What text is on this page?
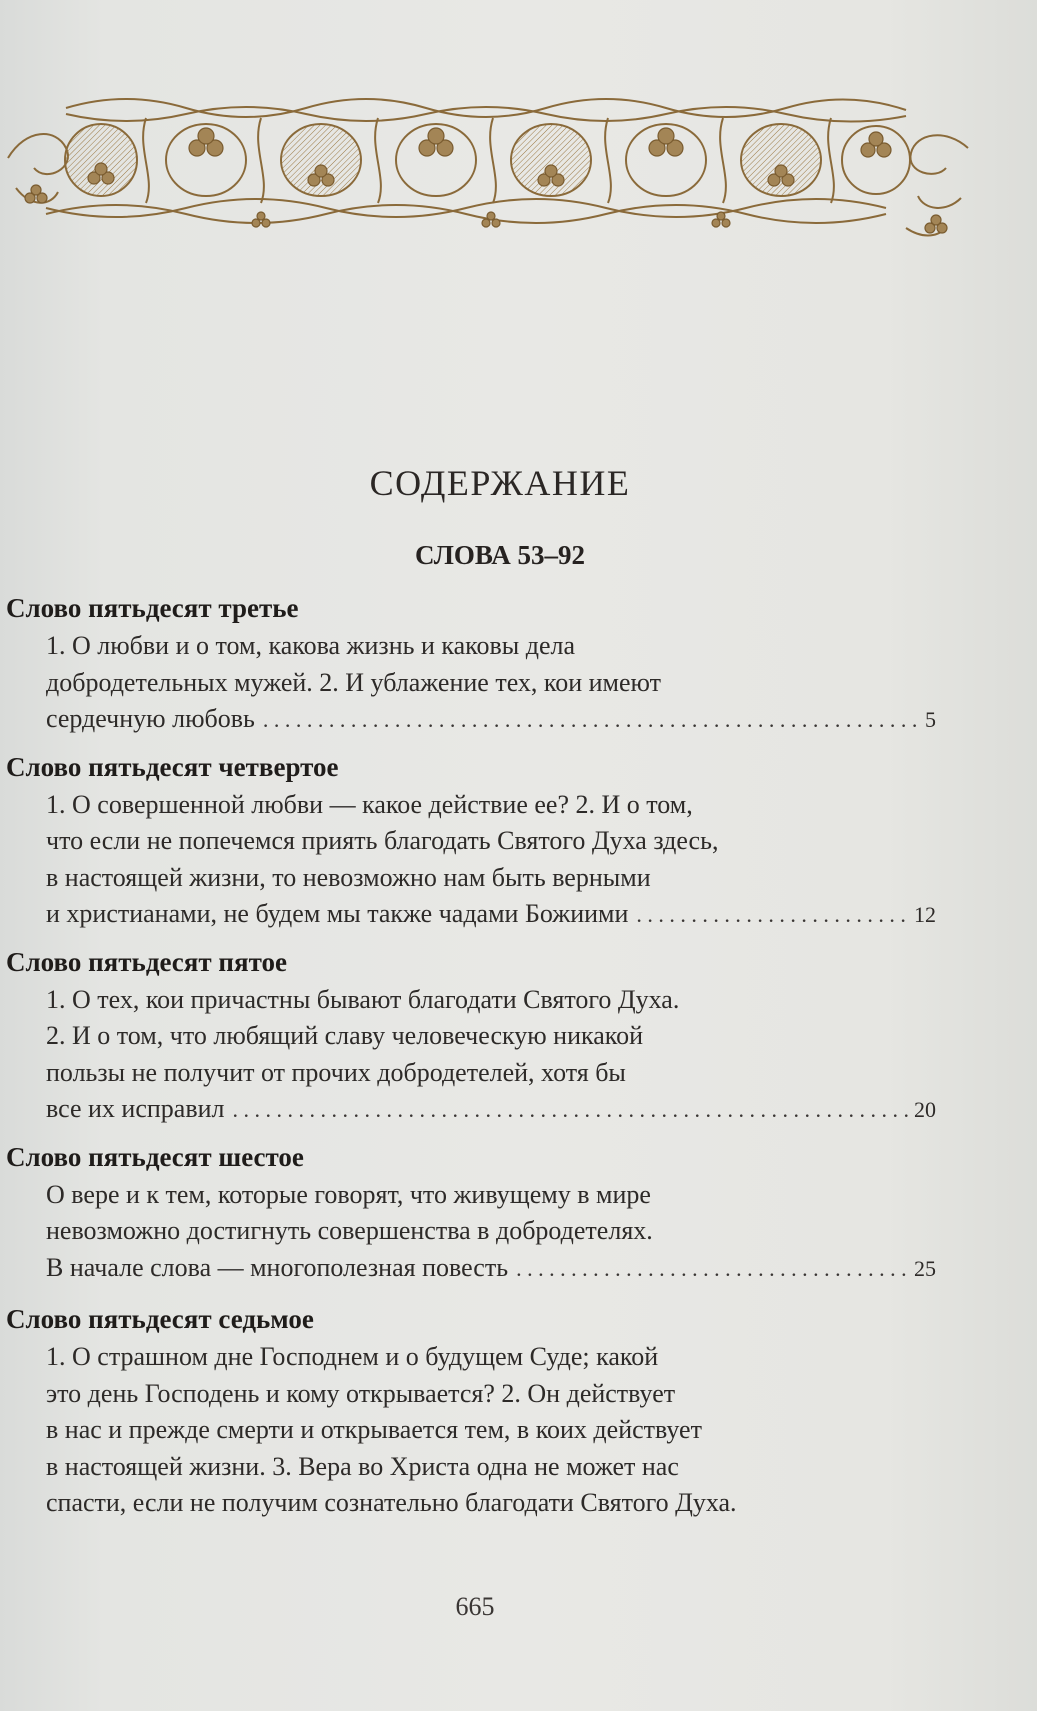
СОДЕРЖАНИЕ
СЛОВА 53–92
Слово пятьдесят третье
1. О любви и о том, какова жизнь и каковы дела
добродетельных мужей. 2. И ублажение тех, кои имеют
сердечную любовь . . .	5
Слово пятьдесят четвертое
1. О совершенной любви — какое действие ее? 2. И о том,
что если не попечемся приять благодать Святого Духа здесь,
в настоящей жизни, то невозможно нам быть верными
и христианами, не будем мы также чадами Божиими . . .	12
Слово пятьдесят пятое
1. О тех, кои причастны бывают благодати Святого Духа.
2. И о том, что любящий славу человеческую никакой
пользы не получит от прочих добродетелей, хотя бы
все их исправил . . .	20
Слово пятьдесят шестое
О вере и к тем, которые говорят, что живущему в мире
невозможно достигнуть совершенства в добродетелях.
В начале слова — многополезная повесть . . .	25
Слово пятьдесят седьмое
1. О страшном дне Господнем и о будущем Суде; какой
это день Господень и кому открывается? 2. Он действует
в нас и прежде смерти и открывается тем, в коих действует
в настоящей жизни. 3. Вера во Христа одна не может нас
спасти, если не получим сознательно благодати Святого Духа.
665
